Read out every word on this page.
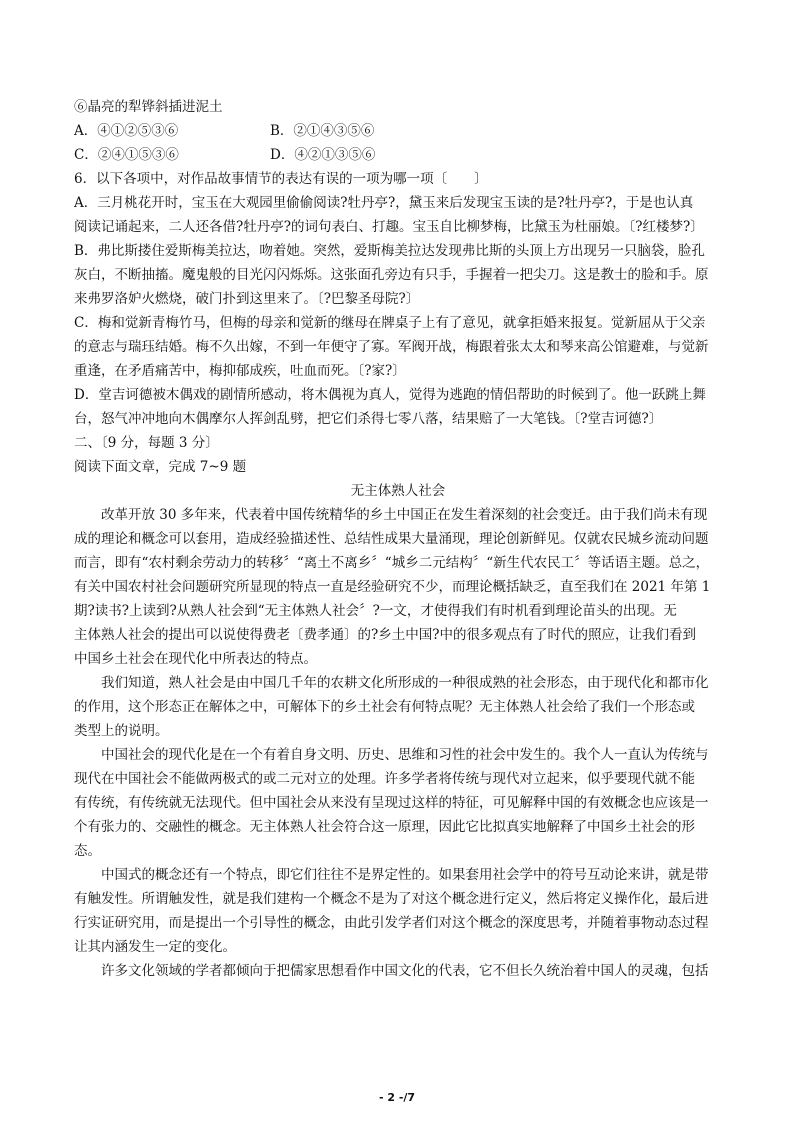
⑥晶亮的犁铧斜插进泥土
A．④①②⑤③⑥	B．②①④③⑤⑥
C．②④①⑤③⑥	D．④②①③⑤⑥
6．以下各项中，对作品故事情节的表达有误的一项为哪一项〔　　〕
A．三月桃花开时，宝玉在大观园里偷偷阅读?牡丹亭?，黛玉来后发现宝玉读的是?牡丹亭?，于是也认真
阅读记诵起来，二人还各借?牡丹亭?的词句表白、打趣。宝玉自比柳梦梅，比黛玉为杜丽娘。〔?红楼梦?〕
B．弗比斯搂住爱斯梅美拉达，吻着她。突然，爱斯梅美拉达发现弗比斯的头顶上方出现另一只脑袋，脸孔
灰白，不断抽搐。魔鬼般的目光闪闪烁烁。这张面孔旁边有只手，手握着一把尖刀。这是教士的脸和手。原
来弗罗洛妒火燃烧，破门扑到这里来了。〔?巴黎圣母院?〕
C．梅和觉新青梅竹马，但梅的母亲和觉新的继母在牌桌子上有了意见，就拿拒婚来报复。觉新屈从于父亲
的意志与瑞珏结婚。梅不久出嫁，不到一年便守了寡。军阀开战，梅跟着张太太和琴来高公馆避难，与觉新
重逢，在矛盾痛苦中，梅抑郁成疾，吐血而死。〔?家?〕
D．堂吉诃德被木偶戏的剧情所感动，将木偶视为真人，觉得为逃跑的情侣帮助的时候到了。他一跃跳上舞
台，怒气冲冲地向木偶摩尔人挥剑乱劈，把它们杀得七零八落，结果赔了一大笔钱。〔?堂吉诃德?〕
二、〔9 分，每题 3 分〕
阅读下面文章，完成 7~9 题
无主体熟人社会
　　改革开放 30 多年来，代表着中国传统精华的乡土中国正在发生着深刻的社会变迁。由于我们尚未有现
成的理论和概念可以套用，造成经验描述性、总结性成果大量涌现，理论创新鲜见。仅就农民城乡流动问题
而言，即有“农村剩余劳动力的转移〞“离土不离乡〞“城乡二元结构〞“新生代农民工〞等话语主题。总之，
有关中国农村社会问题研究所显现的特点一直是经验研究不少，而理论概括缺乏，直至我们在 2021 年第 1
期?读书?上读到?从熟人社会到“无主体熟人社会〞?一文，才使得我们有时机看到理论苗头的出现。无
主体熟人社会的提出可以说使得费老〔费孝通〕的?乡土中国?中的很多观点有了时代的照应，让我们看到
中国乡土社会在现代化中所表达的特点。
　　我们知道，熟人社会是由中国几千年的农耕文化所形成的一种很成熟的社会形态，由于现代化和都市化
的作用，这个形态正在解体之中，可解体下的乡土社会有何特点呢？无主体熟人社会给了我们一个形态或
类型上的说明。
　　中国社会的现代化是在一个有着自身文明、历史、思维和习性的社会中发生的。我个人一直认为传统与
现代在中国社会不能做两极式的或二元对立的处理。许多学者将传统与现代对立起来，似乎要现代就不能
有传统，有传统就无法现代。但中国社会从来没有呈现过这样的特征，可见解释中国的有效概念也应该是一
个有张力的、交融性的概念。无主体熟人社会符合这一原理，因此它比拟真实地解释了中国乡土社会的形
态。
　　中国式的概念还有一个特点，即它们往往不是界定性的。如果套用社会学中的符号互动论来讲，就是带
有触发性。所谓触发性，就是我们建构一个概念不是为了对这个概念进行定义，然后将定义操作化，最后进
行实证研究用，而是提出一个引导性的概念，由此引发学者们对这个概念的深度思考，并随着事物动态过程
让其内涵发生一定的变化。
　　许多文化领域的学者都倾向于把儒家思想看作中国文化的代表，它不但长久统治着中国人的灵魂，包括
- 2 -/7
